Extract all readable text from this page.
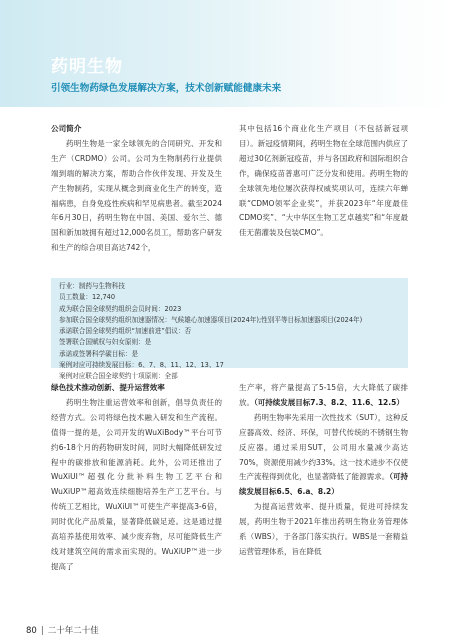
药明生物

引领生物药绿色发展解决方案，技术创新赋能健康未来

公司简介

药明生物是一家全球领先的合同研究、开发和生产（CRDMO）公司。公司为生物制药行业提供端到端的解决方案，帮助合作伙伴发现、开发及生产生物制药，实现从概念到商业化生产的转变，造福病患，自身免疫性疾病和罕见病患者。截至2024年6月30日，药明生物在中国、美国、爱尔兰、德国和新加坡拥有超过12,000名员工，帮助客户研发和生产的综合项目高达742个，

其中包括16个商业化生产项目（不包括新冠项目）。新冠疫情期间，药明生物在全球范围内供应了超过30亿剂新冠疫苗，并与各国政府和国际组织合作，确保疫苗普惠可广泛分发和使用。药明生物的全球领先地位屡次获得权威奖项认可，连续六年蝉联“CDMO领军企业奖”，并获2023年“年度最佳CDMO奖”、“大中华区生物工艺卓越奖”和“年度最佳无菌灌装及包装CMO”。

行业：制药与生物科技
员工数量：12,740
成为联合国全球契约组织会员时间：2023
参加联合国全球契约组织加速器情况：气候雄心加速器项目(2024年);性别平等目标加速器项目(2024年)
承诺联合国全球契约组织“加速前进”倡议：否
签署联合国赋权与妇女原则：是
承诺或签署科学碳目标：是
案例对应可持续发展目标：6、7、8、11、12、13、17
案例对应联合国全球契约十项原则：全部

绿色技术推动创新、提升运营效率

药明生物注重运营效率和创新，倡导负责任的经营方式。公司将绿色技术融入研发和生产流程。值得一提的是，公司开发的WuXiBody™平台可节约6-18个月的药物研发时间，同时大幅降低研发过程中的碳排放和能源消耗。此外，公司还推出了WuXiUI™超强化分批补料生物工艺平台和WuXiUP™超高效连续细胞培养生产工艺平台。与传统工艺相比，WuXiUI™可使生产率提高3-6倍，同时优化产品质量，显著降低碳足迹。这是通过提高培养基使用效率、减少废弃物，尽可能降低生产线对建筑空间的需求而实现的。WuXiUP™进一步提高了

生产率，将产量提高了5-15倍，大大降低了碳排放。（可持续发展目标7.3、8.2、11.6、12.5）

药明生物率先采用一次性技术（SUT），这种反应器高效、经济、环保，可替代传统的不锈钢生物反应器。通过采用SUT，公司用水量减少高达70%，资源使用减少约33%。这一技术进步不仅使生产流程得到优化，也显著降低了能源需求。（可持续发展目标6.5、6.a、8.2）

为提高运营效率、提升质量，促进可持续发展，药明生物于2021年推出药明生物业务管理体系（WBS），于各部门落实执行。WBS是一套精益运营管理体系，旨在降低

80 | 二十年二十佳
